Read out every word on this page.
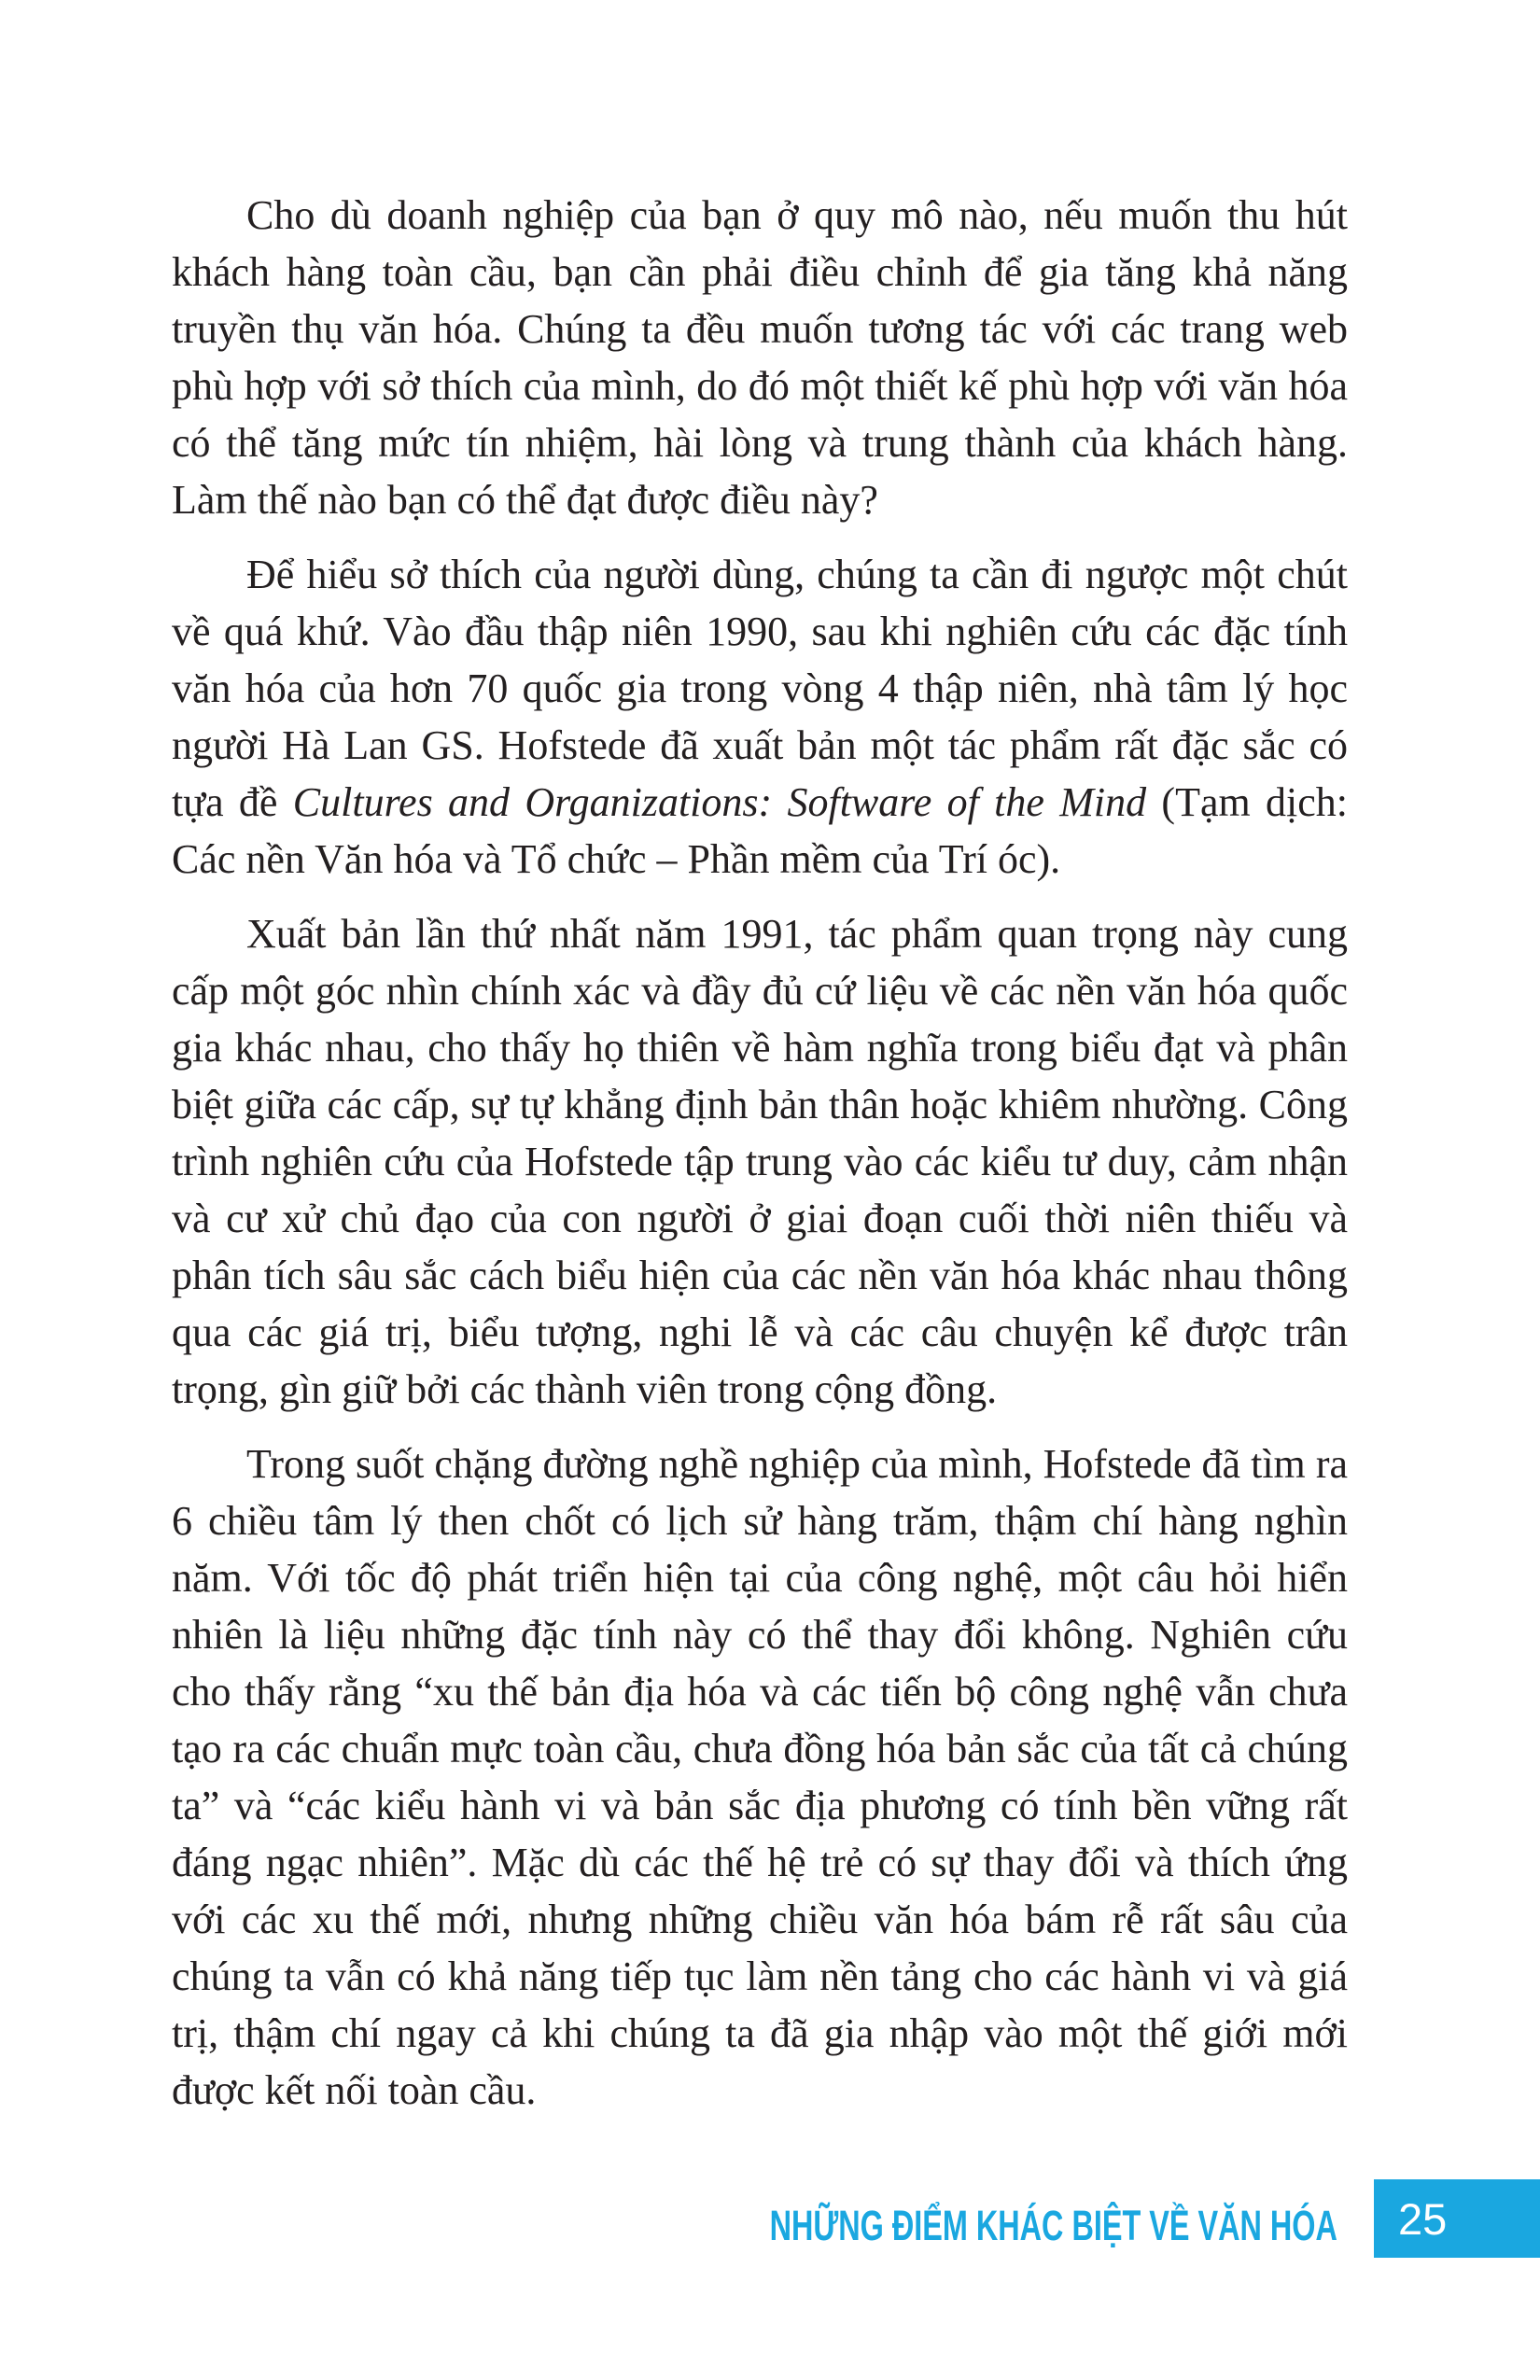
Cho dù doanh nghiệp của bạn ở quy mô nào, nếu muốn thu hút khách hàng toàn cầu, bạn cần phải điều chỉnh để gia tăng khả năng truyền thụ văn hóa. Chúng ta đều muốn tương tác với các trang web phù hợp với sở thích của mình, do đó một thiết kế phù hợp với văn hóa có thể tăng mức tín nhiệm, hài lòng và trung thành của khách hàng. Làm thế nào bạn có thể đạt được điều này?

Để hiểu sở thích của người dùng, chúng ta cần đi ngược một chút về quá khứ. Vào đầu thập niên 1990, sau khi nghiên cứu các đặc tính văn hóa của hơn 70 quốc gia trong vòng 4 thập niên, nhà tâm lý học người Hà Lan GS. Hofstede đã xuất bản một tác phẩm rất đặc sắc có tựa đề Cultures and Organizations: Software of the Mind (Tạm dịch: Các nền Văn hóa và Tổ chức – Phần mềm của Trí óc).

Xuất bản lần thứ nhất năm 1991, tác phẩm quan trọng này cung cấp một góc nhìn chính xác và đầy đủ cứ liệu về các nền văn hóa quốc gia khác nhau, cho thấy họ thiên về hàm nghĩa trong biểu đạt và phân biệt giữa các cấp, sự tự khẳng định bản thân hoặc khiêm nhường. Công trình nghiên cứu của Hofstede tập trung vào các kiểu tư duy, cảm nhận và cư xử chủ đạo của con người ở giai đoạn cuối thời niên thiếu và phân tích sâu sắc cách biểu hiện của các nền văn hóa khác nhau thông qua các giá trị, biểu tượng, nghi lễ và các câu chuyện kể được trân trọng, gìn giữ bởi các thành viên trong cộng đồng.

Trong suốt chặng đường nghề nghiệp của mình, Hofstede đã tìm ra 6 chiều tâm lý then chốt có lịch sử hàng trăm, thậm chí hàng nghìn năm. Với tốc độ phát triển hiện tại của công nghệ, một câu hỏi hiển nhiên là liệu những đặc tính này có thể thay đổi không. Nghiên cứu cho thấy rằng “xu thế bản địa hóa và các tiến bộ công nghệ vẫn chưa tạo ra các chuẩn mực toàn cầu, chưa đồng hóa bản sắc của tất cả chúng ta” và “các kiểu hành vi và bản sắc địa phương có tính bền vững rất đáng ngạc nhiên”. Mặc dù các thế hệ trẻ có sự thay đổi và thích ứng với các xu thế mới, nhưng những chiều văn hóa bám rễ rất sâu của chúng ta vẫn có khả năng tiếp tục làm nền tảng cho các hành vi và giá trị, thậm chí ngay cả khi chúng ta đã gia nhập vào một thế giới mới được kết nối toàn cầu.

NHỮNG ĐIỂM KHÁC BIỆT VỀ VĂN HÓA	25
